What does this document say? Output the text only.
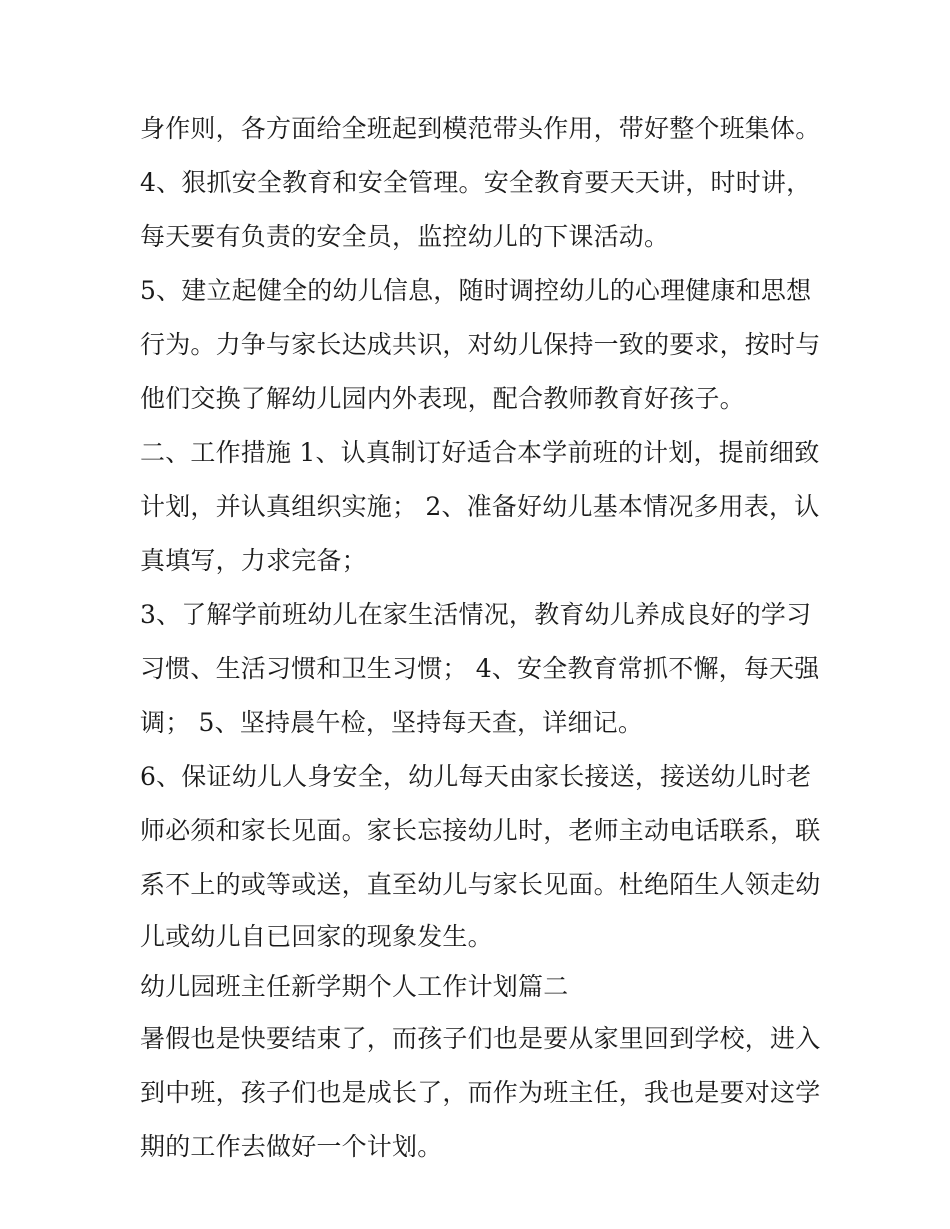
身作则，各方面给全班起到模范带头作用，带好整个班集体。
4、狠抓安全教育和安全管理。安全教育要天天讲，时时讲，
每天要有负责的安全员，监控幼儿的下课活动。
5、建立起健全的幼儿信息，随时调控幼儿的心理健康和思想
行为。力争与家长达成共识，对幼儿保持一致的要求，按时与
他们交换了解幼儿园内外表现，配合教师教育好孩子。
二、工作措施 1、认真制订好适合本学前班的计划，提前细致
计划，并认真组织实施； 2、准备好幼儿基本情况多用表，认
真填写，力求完备；
3、了解学前班幼儿在家生活情况，教育幼儿养成良好的学习
习惯、生活习惯和卫生习惯； 4、安全教育常抓不懈，每天强
调； 5、坚持晨午检，坚持每天查，详细记。
6、保证幼儿人身安全，幼儿每天由家长接送，接送幼儿时老
师必须和家长见面。家长忘接幼儿时，老师主动电话联系，联
系不上的或等或送，直至幼儿与家长见面。杜绝陌生人领走幼
儿或幼儿自已回家的现象发生。
幼儿园班主任新学期个人工作计划篇二
暑假也是快要结束了，而孩子们也是要从家里回到学校，进入
到中班，孩子们也是成长了，而作为班主任，我也是要对这学
期的工作去做好一个计划。
